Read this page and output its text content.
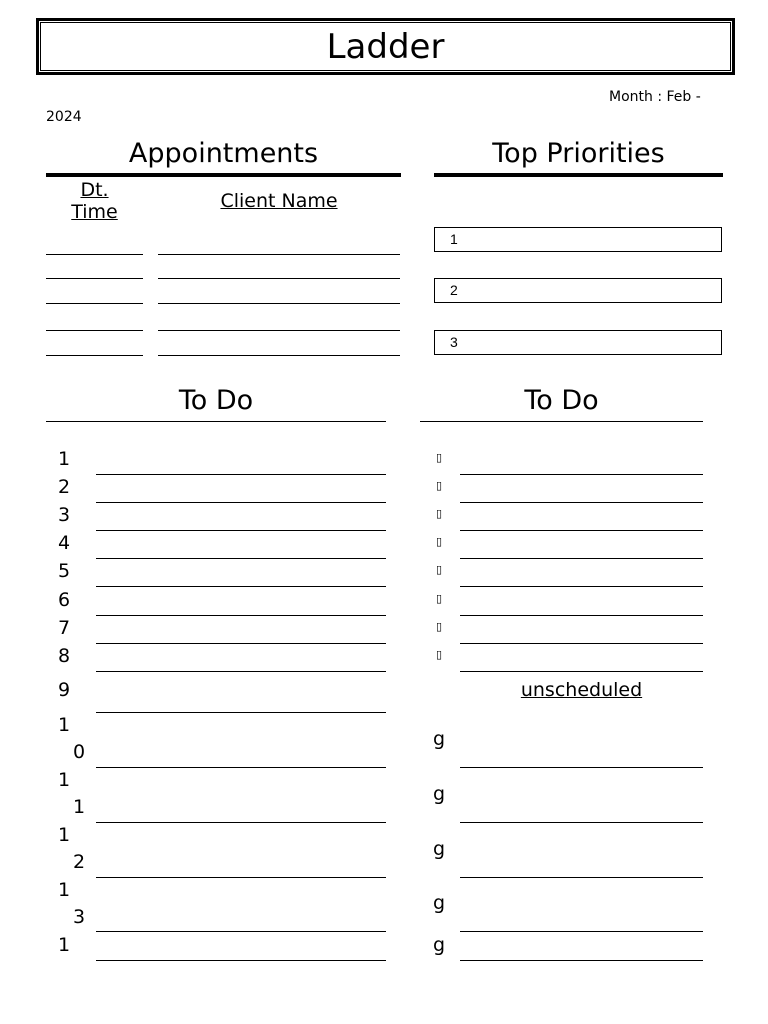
Ladder
Month : Feb -
2024
Appointments
Dt.
Time	Client Name
Top Priorities
1
2
3
To Do
1
2
3
4
5
6
7
8
9
1
0
1
1
1
2
1
3
1
To Do
▯
▯
▯
▯
▯
▯
▯
▯
unscheduled
g
g
g
g
g
